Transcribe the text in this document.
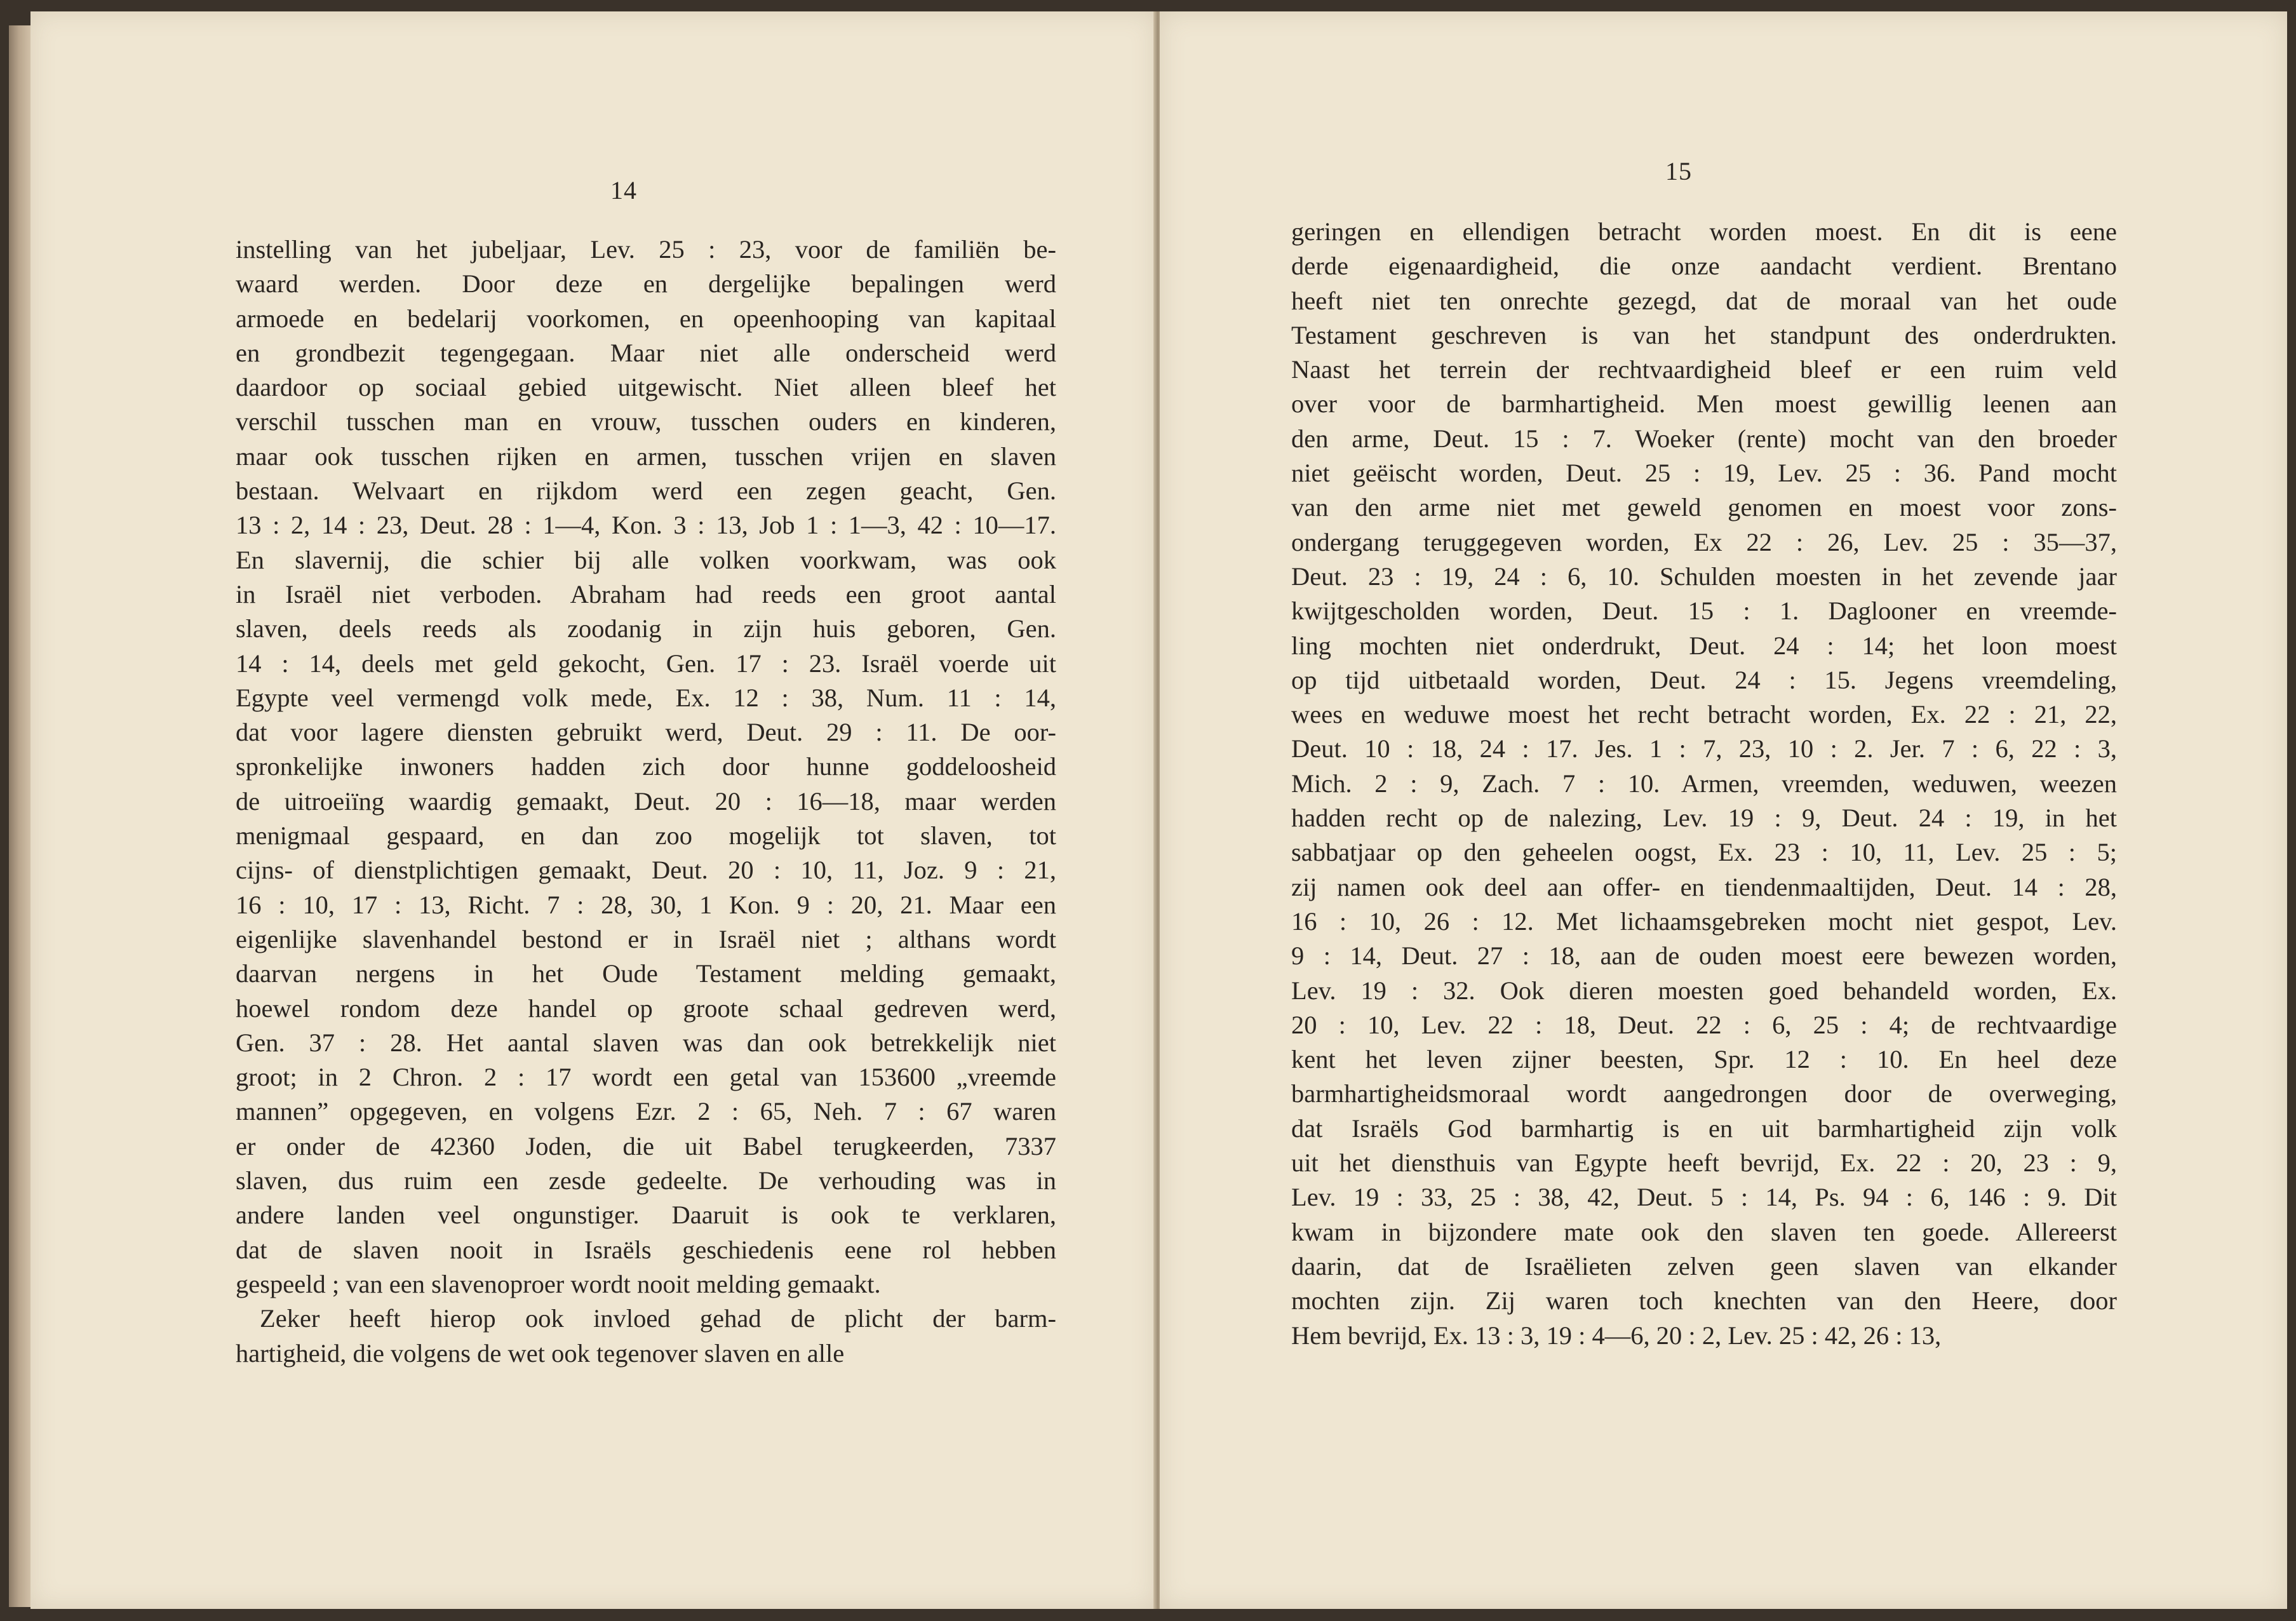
14
instelling van het jubeljaar, Lev. 25 : 23, voor de familiën be-
waard werden. Door deze en dergelijke bepalingen werd
armoede en bedelarij voorkomen, en opeenhooping van kapitaal
en grondbezit tegengegaan. Maar niet alle onderscheid werd
daardoor op sociaal gebied uitgewischt. Niet alleen bleef het
verschil tusschen man en vrouw, tusschen ouders en kinderen,
maar ook tusschen rijken en armen, tusschen vrijen en slaven
bestaan. Welvaart en rijkdom werd een zegen geacht, Gen.
13 : 2, 14 : 23, Deut. 28 : 1—4, Kon. 3 : 13, Job 1 : 1—3, 42 : 10—17.
En slavernij, die schier bij alle volken voorkwam, was ook
in Israël niet verboden. Abraham had reeds een groot aantal
slaven, deels reeds als zoodanig in zijn huis geboren, Gen.
14 : 14, deels met geld gekocht, Gen. 17 : 23. Israël voerde uit
Egypte veel vermengd volk mede, Ex. 12 : 38, Num. 11 : 14,
dat voor lagere diensten gebruikt werd, Deut. 29 : 11. De oor-
spronkelijke inwoners hadden zich door hunne goddeloosheid
de uitroeiïng waardig gemaakt, Deut. 20 : 16—18, maar werden
menigmaal gespaard, en dan zoo mogelijk tot slaven, tot
cijns- of dienstplichtigen gemaakt, Deut. 20 : 10, 11, Joz. 9 : 21,
16 : 10, 17 : 13, Richt. 7 : 28, 30, 1 Kon. 9 : 20, 21. Maar een
eigenlijke slavenhandel bestond er in Israël niet ; althans wordt
daarvan nergens in het Oude Testament melding gemaakt,
hoewel rondom deze handel op groote schaal gedreven werd,
Gen. 37 : 28. Het aantal slaven was dan ook betrekkelijk niet
groot; in 2 Chron. 2 : 17 wordt een getal van 153600 „vreemde
mannen” opgegeven, en volgens Ezr. 2 : 65, Neh. 7 : 67 waren
er onder de 42360 Joden, die uit Babel terugkeerden, 7337
slaven, dus ruim een zesde gedeelte. De verhouding was in
andere landen veel ongunstiger. Daaruit is ook te verklaren,
dat de slaven nooit in Israëls geschiedenis eene rol hebben
gespeeld ; van een slavenoproer wordt nooit melding gemaakt.
Zeker heeft hierop ook invloed gehad de plicht der barm-
hartigheid, die volgens de wet ook tegenover slaven en alle
15
geringen en ellendigen betracht worden moest. En dit is eene
derde eigenaardigheid, die onze aandacht verdient. Brentano
heeft niet ten onrechte gezegd, dat de moraal van het oude
Testament geschreven is van het standpunt des onderdrukten.
Naast het terrein der rechtvaardigheid bleef er een ruim veld
over voor de barmhartigheid. Men moest gewillig leenen aan
den arme, Deut. 15 : 7. Woeker (rente) mocht van den broeder
niet geëischt worden, Deut. 25 : 19, Lev. 25 : 36. Pand mocht
van den arme niet met geweld genomen en moest voor zons-
ondergang teruggegeven worden, Ex 22 : 26, Lev. 25 : 35—37,
Deut. 23 : 19, 24 : 6, 10. Schulden moesten in het zevende jaar
kwijtgescholden worden, Deut. 15 : 1. Daglooner en vreemde-
ling mochten niet onderdrukt, Deut. 24 : 14; het loon moest
op tijd uitbetaald worden, Deut. 24 : 15. Jegens vreemdeling,
wees en weduwe moest het recht betracht worden, Ex. 22 : 21, 22,
Deut. 10 : 18, 24 : 17. Jes. 1 : 7, 23, 10 : 2. Jer. 7 : 6, 22 : 3,
Mich. 2 : 9, Zach. 7 : 10. Armen, vreemden, weduwen, weezen
hadden recht op de nalezing, Lev. 19 : 9, Deut. 24 : 19, in het
sabbatjaar op den geheelen oogst, Ex. 23 : 10, 11, Lev. 25 : 5;
zij namen ook deel aan offer- en tiendenmaaltijden, Deut. 14 : 28,
16 : 10, 26 : 12. Met lichaamsgebreken mocht niet gespot, Lev.
9 : 14, Deut. 27 : 18, aan de ouden moest eere bewezen worden,
Lev. 19 : 32. Ook dieren moesten goed behandeld worden, Ex.
20 : 10, Lev. 22 : 18, Deut. 22 : 6, 25 : 4; de rechtvaardige
kent het leven zijner beesten, Spr. 12 : 10. En heel deze
barmhartigheidsmoraal wordt aangedrongen door de overweging,
dat Israëls God barmhartig is en uit barmhartigheid zijn volk
uit het diensthuis van Egypte heeft bevrijd, Ex. 22 : 20, 23 : 9,
Lev. 19 : 33, 25 : 38, 42, Deut. 5 : 14, Ps. 94 : 6, 146 : 9. Dit
kwam in bijzondere mate ook den slaven ten goede. Allereerst
daarin, dat de Israëlieten zelven geen slaven van elkander
mochten zijn. Zij waren toch knechten van den Heere, door
Hem bevrijd, Ex. 13 : 3, 19 : 4—6, 20 : 2, Lev. 25 : 42, 26 : 13,
